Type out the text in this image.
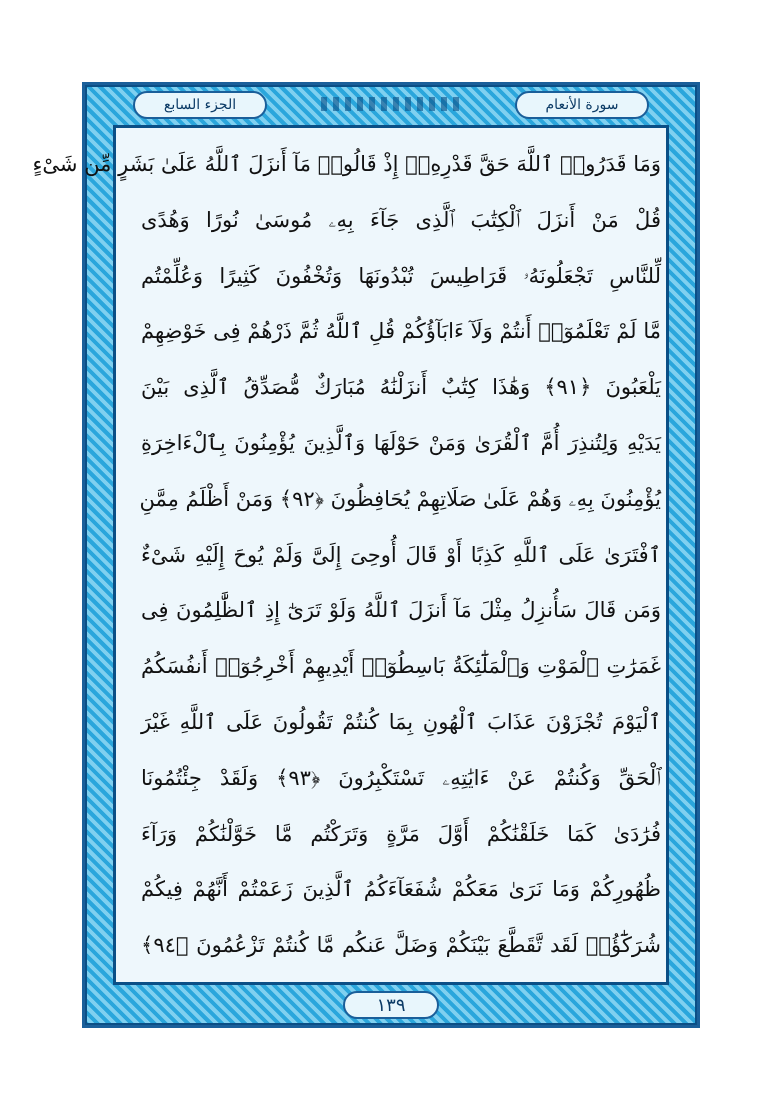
الجزء السابع	سورة الأنعام
وَمَا قَدَرُوا۟ ٱللَّهَ حَقَّ قَدْرِهِۦٓ إِذْ قَالُوا۟ مَآ أَنزَلَ ٱللَّهُ عَلَىٰ بَشَرٍ مِّن شَىْءٍ
قُلْ مَنْ أَنزَلَ ٱلْكِتَٰبَ ٱلَّذِى جَآءَ بِهِۦ مُوسَىٰ نُورًا وَهُدًى
لِّلنَّاسِ تَجْعَلُونَهُۥ قَرَاطِيسَ تُبْدُونَهَا وَتُخْفُونَ كَثِيرًا وَعُلِّمْتُم
مَّا لَمْ تَعْلَمُوٓا۟ أَنتُمْ وَلَآ ءَابَآؤُكُمْ قُلِ ٱللَّهُ ثُمَّ ذَرْهُمْ فِى خَوْضِهِمْ
يَلْعَبُونَ ﴿٩١﴾ وَهَٰذَا كِتَٰبٌ أَنزَلْنَٰهُ مُبَارَكٌ مُّصَدِّقُ ٱلَّذِى بَيْنَ
يَدَيْهِ وَلِتُنذِرَ أُمَّ ٱلْقُرَىٰ وَمَنْ حَوْلَهَا وَٱلَّذِينَ يُؤْمِنُونَ بِٱلْءَاخِرَةِ
يُؤْمِنُونَ بِهِۦ وَهُمْ عَلَىٰ صَلَاتِهِمْ يُحَافِظُونَ ﴿٩٢﴾ وَمَنْ أَظْلَمُ مِمَّنِ
ٱفْتَرَىٰ عَلَى ٱللَّهِ كَذِبًا أَوْ قَالَ أُوحِىَ إِلَىَّ وَلَمْ يُوحَ إِلَيْهِ شَىْءٌ
وَمَن قَالَ سَأُنزِلُ مِثْلَ مَآ أَنزَلَ ٱللَّهُ وَلَوْ تَرَىٰٓ إِذِ ٱلظَّٰلِمُونَ فِى
غَمَرَٰتِ ٱلْمَوْتِ وَٱلْمَلَٰٓئِكَةُ بَاسِطُوٓا۟ أَيْدِيهِمْ أَخْرِجُوٓا۟ أَنفُسَكُمُ
ٱلْيَوْمَ تُجْزَوْنَ عَذَابَ ٱلْهُونِ بِمَا كُنتُمْ تَقُولُونَ عَلَى ٱللَّهِ غَيْرَ
ٱلْحَقِّ وَكُنتُمْ عَنْ ءَايَٰتِهِۦ تَسْتَكْبِرُونَ ﴿٩٣﴾ وَلَقَدْ جِئْتُمُونَا
فُرَٰدَىٰ كَمَا خَلَقْنَٰكُمْ أَوَّلَ مَرَّةٍ وَتَرَكْتُم مَّا خَوَّلْنَٰكُمْ وَرَآءَ
ظُهُورِكُمْ وَمَا نَرَىٰ مَعَكُمْ شُفَعَآءَكُمُ ٱلَّذِينَ زَعَمْتُمْ أَنَّهُمْ فِيكُمْ
شُرَكَٰٓؤُا۟ لَقَد تَّقَطَّعَ بَيْنَكُمْ وَضَلَّ عَنكُم مَّا كُنتُمْ تَزْعُمُونَ ﴿٩٤﴾
١٣٩
